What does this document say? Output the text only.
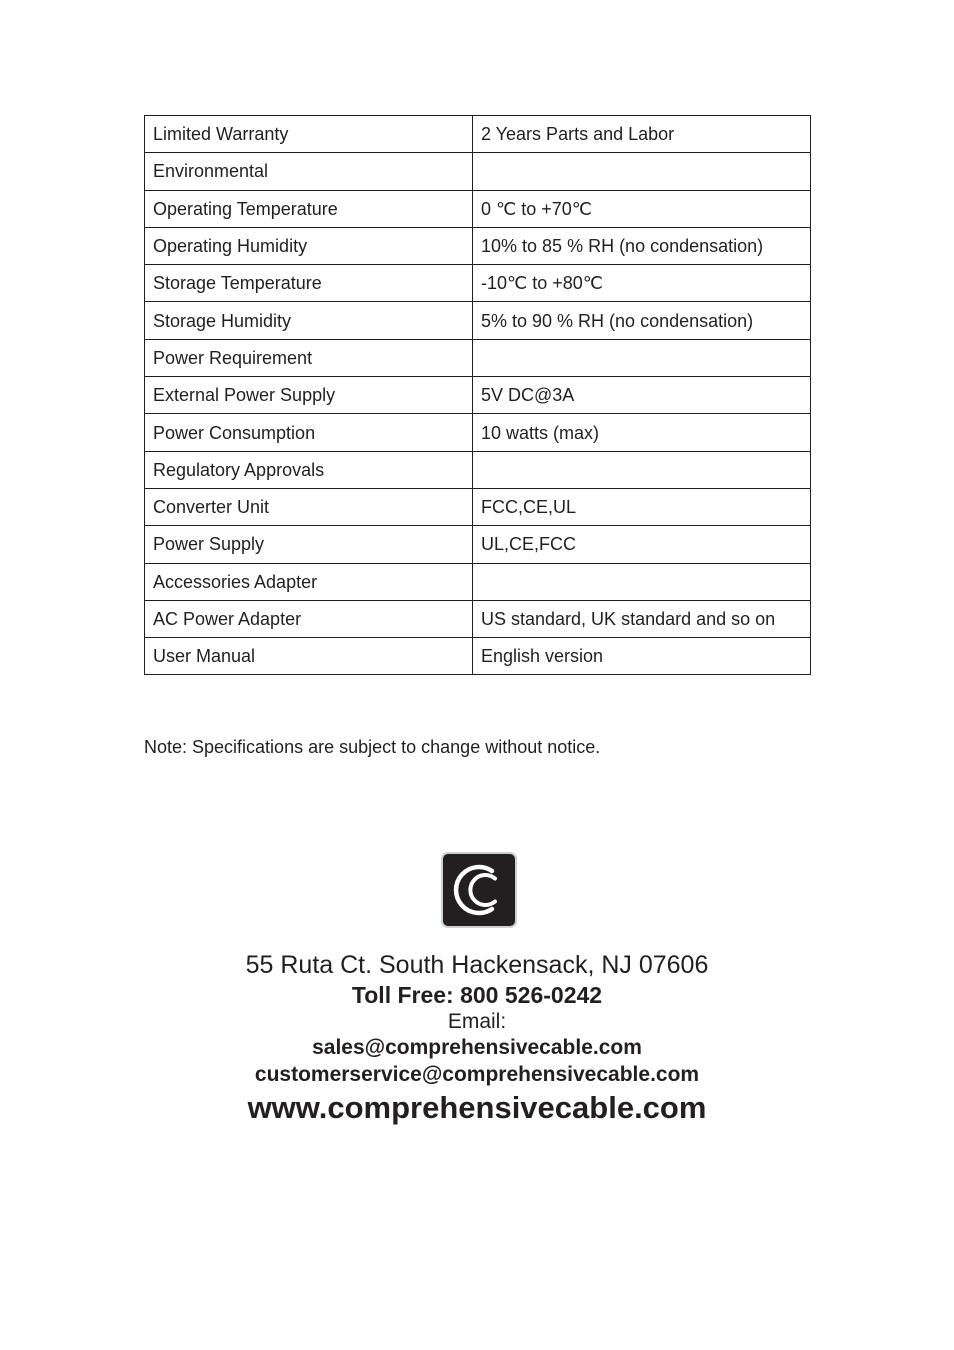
Limited Warranty	2 Years Parts and Labor
Environmental	
Operating Temperature	0 ℃ to +70℃
Operating Humidity	10% to 85 % RH (no condensation)
Storage Temperature	-10℃ to +80℃
Storage Humidity	5% to 90 % RH (no condensation)
Power Requirement	
External Power Supply	5V DC@3A
Power Consumption	10 watts (max)
Regulatory Approvals	
Converter Unit	FCC,CE,UL
Power Supply	UL,CE,FCC
Accessories Adapter	
AC Power Adapter	US standard, UK standard and so on
User Manual	English version
Note: Specifications are subject to change without notice.
55 Ruta Ct. South Hackensack, NJ 07606
Toll Free: 800 526-0242
Email:
sales@comprehensivecable.com
customerservice@comprehensivecable.com
www.comprehensivecable.com
